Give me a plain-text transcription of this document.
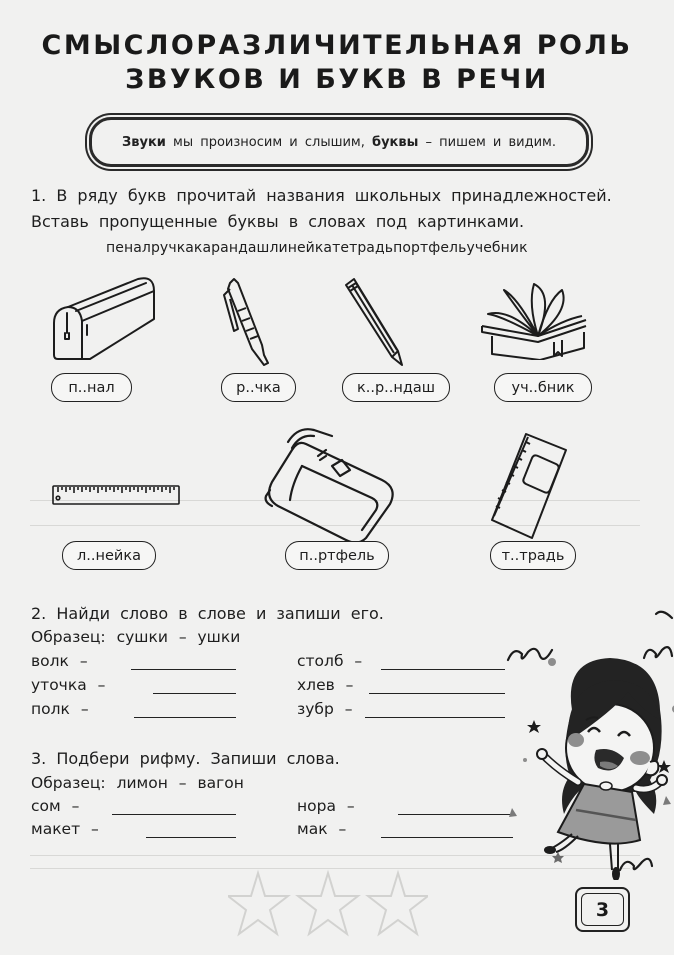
СМЫСЛОРАЗЛИЧИТЕЛЬНАЯ РОЛЬ
ЗВУКОВ И БУКВ В РЕЧИ
Звуки мы произносим и слышим, буквы – пишем и видим.
1. В ряду букв прочитай названия школьных принадлежностей.
Вставь пропущенные буквы в словах под картинками.
пеналручкакарандашлинейкатетрадьпортфельучебник
п..нал	р..чка	к..р..ндаш	уч..бник
л..нейка	п..ртфель	т..традь
2. Найди слово в слове и запиши его.
Образец: сушки – ушки
волк –	столб –
уточка –	хлев –
полк –	зубр –
3. Подбери рифму. Запиши слова.
Образец: лимон – вагон
сом –	нора –
макет –	мак –
3
